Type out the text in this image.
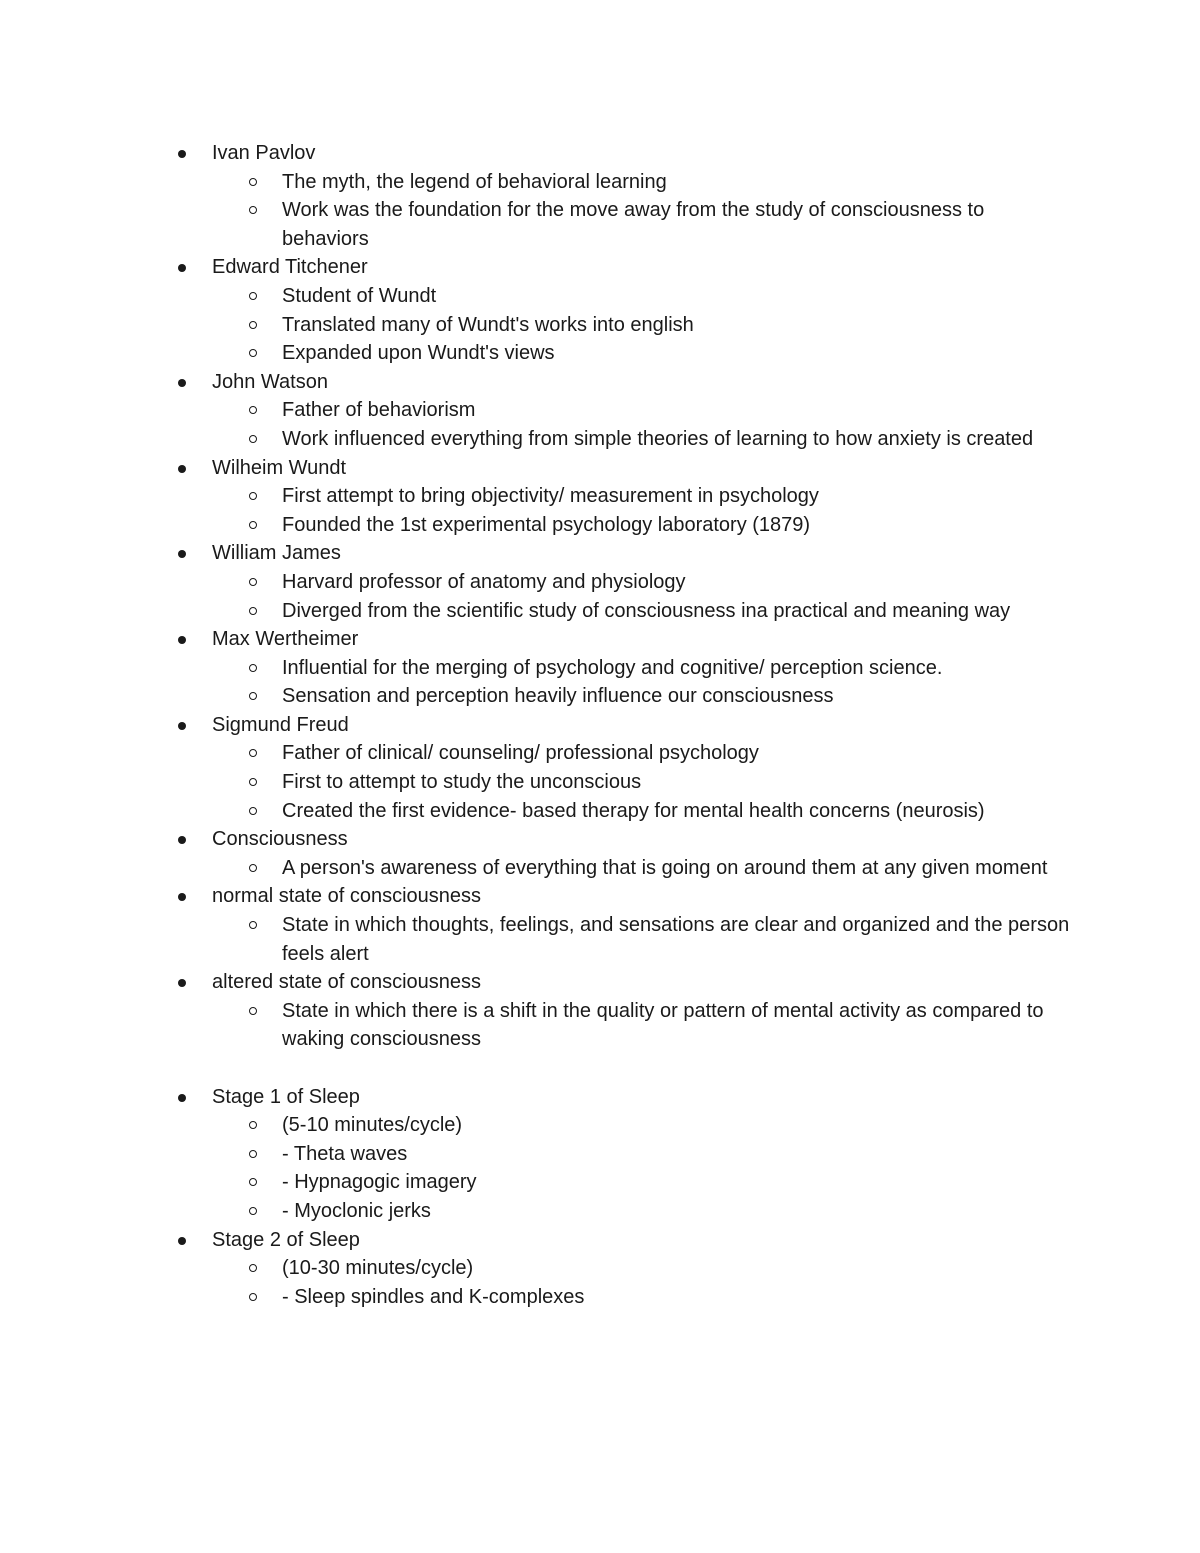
Ivan Pavlov
The myth, the legend of behavioral learning
Work was the foundation for the move away from the study of consciousness to behaviors
Edward Titchener
Student of Wundt
Translated many of Wundt's works into english
Expanded upon Wundt's views
John Watson
Father of behaviorism
Work influenced everything from simple theories of learning to how anxiety is created
Wilheim Wundt
First attempt to bring objectivity/ measurement in psychology
Founded the 1st experimental psychology laboratory (1879)
William James
Harvard professor of anatomy and physiology
Diverged from the scientific study of consciousness ina practical and meaning way
Max Wertheimer
Influential for the merging of psychology and cognitive/ perception science.
Sensation and perception heavily influence our consciousness
Sigmund Freud
Father of clinical/ counseling/ professional psychology
First to attempt to study the unconscious
Created the first evidence- based therapy for mental health concerns (neurosis)
Consciousness
A person's awareness of everything that is going on around them at any given moment
normal state of consciousness
State in which thoughts, feelings, and sensations are clear and organized and the person feels alert
altered state of consciousness
State in which there is a shift in the quality or pattern of mental activity as compared to waking consciousness
Stage 1 of Sleep
(5-10 minutes/cycle)
- Theta waves
- Hypnagogic imagery
- Myoclonic jerks
Stage 2 of Sleep
(10-30 minutes/cycle)
- Sleep spindles and K-complexes
